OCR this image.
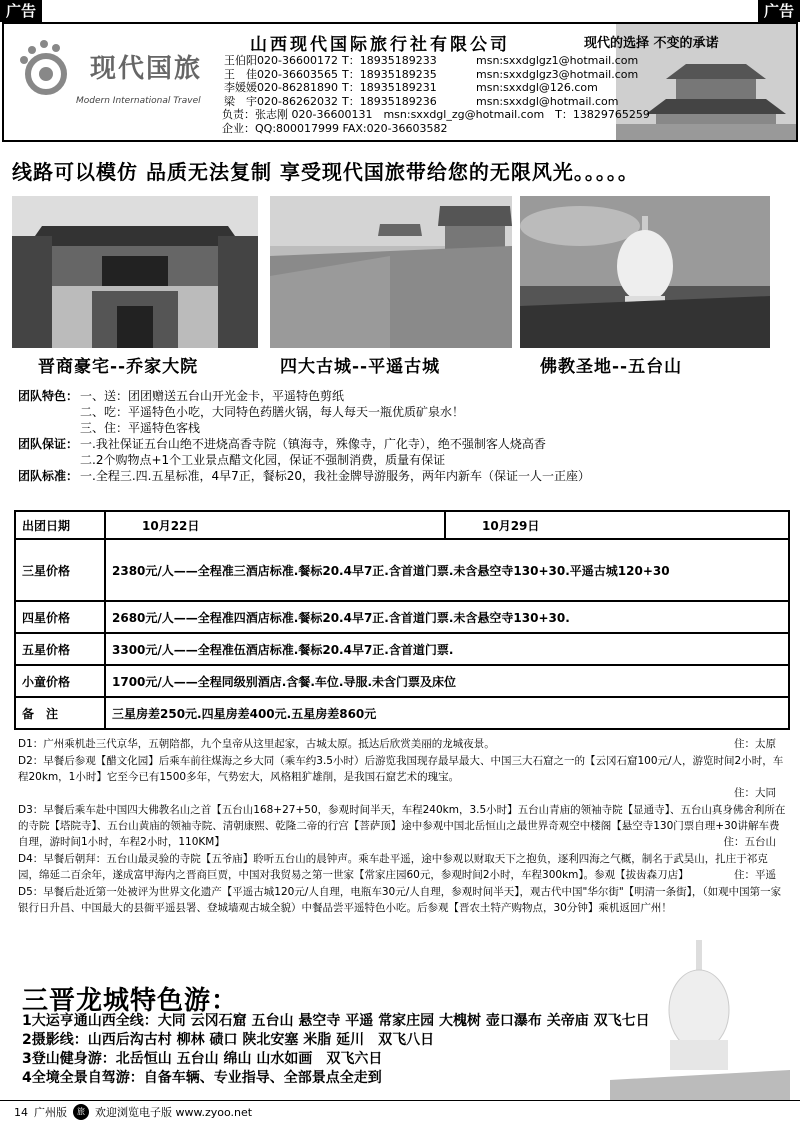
广告	广告
现代国旅
Modern International Travel
山西现代国际旅行社有限公司	现代的选择 不变的承诺
王伯阳020-36600172 T：18935189233	msn:sxxdglgz1@hotmail.com
王　佳020-36603565 T：18935189235	msn:sxxdglgz3@hotmail.com
李媛媛020-86281890 T：18935189231	msn:sxxdgl@126.com
梁　宇020-86262032 T：18935189236	msn:sxxdgl@hotmail.com
负责：张志刚 020-36600131　msn:sxxdgl_zg@hotmail.com　T：13829765259
企业：QQ:800017999 FAX:020-36603582
线路可以模仿 品质无法复制 享受现代国旅带给您的无限风光。。。。。
晋商豪宅--乔家大院	四大古城--平遥古城	佛教圣地--五台山
团队特色： 一、送：团团赠送五台山开光金卡，平遥特色剪纸
二、吃：平遥特色小吃，大同特色药膳火锅，每人每天一瓶优质矿泉水！
三、住：平遥特色客栈
团队保证： 一.我社保证五台山绝不进烧高香寺院（镇海寺，殊像寺，广化寺），绝不强制客人烧高香
二.2个购物点+1个工业景点醋文化园，保证不强制消费，质量有保证
团队标准： 一.全程三.四.五星标准，4早7正，餐标20，我社金牌导游服务，两年内新车（保证一人一正座）
出团日期	10月22日	10月29日
三星价格	2380元/人——全程准三酒店标准.餐标20.4早7正.含首道门票.未含悬空寺130+30.平遥古城120+30	
四星价格	2680元/人——全程准四酒店标准.餐标20.4早7正.含首道门票.未含悬空寺130+30.	
五星价格	3300元/人——全程准伍酒店标准.餐标20.4早7正.含首道门票.	
小童价格	1700元/人——全程同级别酒店.含餐.车位.导服.未含门票及床位	
备　注	三星房差250元.四星房差400元.五星房差860元	
D1：广州乘机赴三代京华，五朝陪都，九个皇帝从这里起家，古城太原。抵达后欣赏美丽的龙城夜景。	住：太原
D2：早餐后参观【醋文化园】后乘车前往煤海之乡大同（乘车约3.5小时）后游览我国现存最早最大、中国三大石窟之一的【云冈石窟100元/人，游览时间2小时，车程20km，1小时】它至今已有1500多年，气势宏大，风格粗犷雄削，是我国石窟艺术的瑰宝。
住：大同
D3：早餐后乘车赴中国四大佛教名山之首【五台山168+27+50，参观时间半天，车程240km，3.5小时】五台山青庙的领袖寺院【显通寺】、五台山真身佛舍利所在的寺院【塔院寺】、五台山黄庙的领袖寺院、清朝康熙、乾隆二帝的行宫【菩萨顶】途中参观中国北岳恒山之最世界奇观空中楼阁【悬空寺130门票自理+30讲解车费自理，游时间1小时，车程2小时，110KM】	住：五台山
D4：早餐后朝拜：五台山最灵验的寺院【五爷庙】聆听五台山的晨钟声。乘车赴平遥，途中参观以财取天下之抱负，逐利四海之气概，制名于武昊山，扎庄于祁克园，绵延二百余年，遂成富甲海内之晋商巨贾，中国对我贸易之第一世家【常家庄园60元，参观时间2小时，车程300km】。参观【拔齿森刀店】	住：平遥
D5：早餐后赴近第一处被评为世界文化遗产【平遥古城120元/人自理，电瓶车30元/人自理，参观时间半天】，观古代中国"华尔街"【明清一条街】，（如观中国第一家银行日升昌、中国最大的县衙平遥县署、登城墙观古城全貌）中餐品尝平遥特色小吃。后参观【晋农土特产购物点，30分钟】乘机返回广州！
三晋龙城特色游：
1大运亨通山西全线：大同 云冈石窟 五台山 悬空寺 平遥 常家庄园 大槐树 壶口瀑布 关帝庙 双飞七日
2摄影线：山西后沟古村 柳林 碛口 陕北安塞 米脂 延川　双飞八日
3登山健身游：北岳恒山 五台山 绵山 山水如画　双飞六日
4全境全景自驾游：自备车辆、专业指导、全部景点全走到
14 广州版	旅 欢迎浏览电子版 www.zyoo.net
